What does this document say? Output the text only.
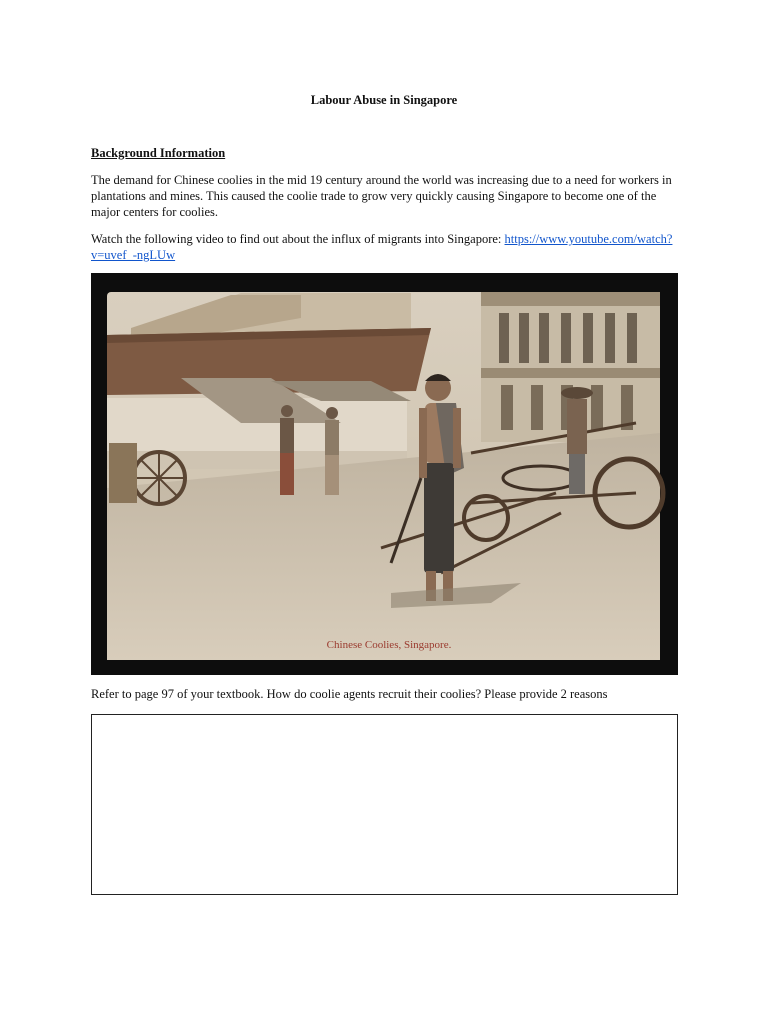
Labour Abuse in Singapore
Background Information

The demand for Chinese coolies in the mid 19 century around the world was increasing due to a need for workers in plantations and mines. This caused the coolie trade to grow very quickly causing Singapore to become one of the major centers for coolies.

Watch the following video to find out about the influx of migrants into Singapore: https://www.youtube.com/watch?v=uvef_-ngLUw

Chinese Coolies, Singapore.
Refer to page 97 of your textbook. How do coolie agents recruit their coolies? Please provide 2 reasons
